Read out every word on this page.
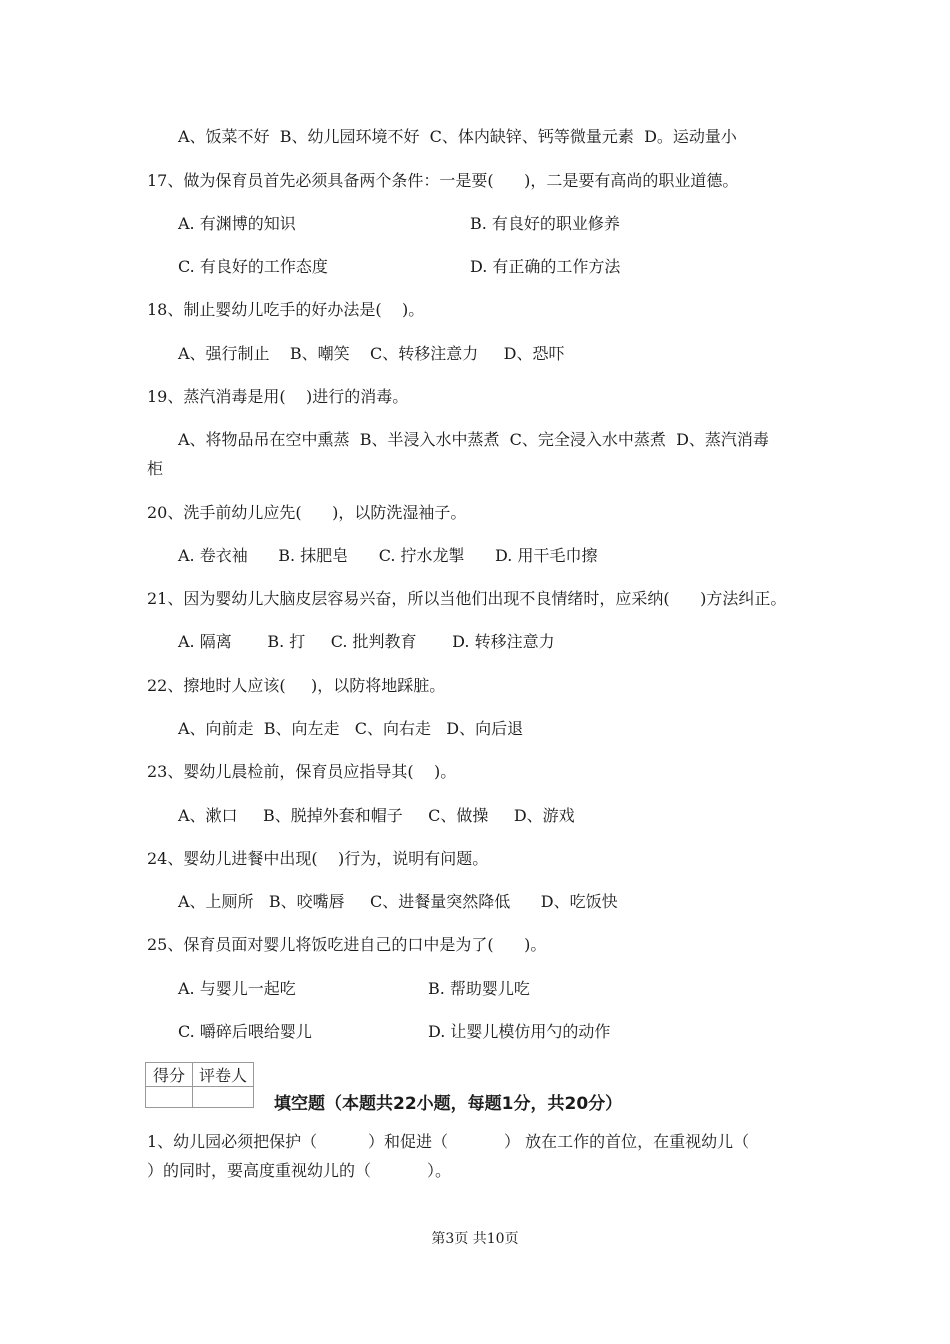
A、饭菜不好  B、幼儿园环境不好  C、体内缺锌、钙等微量元素  D。运动量小
17、做为保育员首先必须具备两个条件：一是要(      )，二是要有高尚的职业道德。
A. 有渊博的知识	B. 有良好的职业修养
C. 有良好的工作态度	D. 有正确的工作方法
18、制止婴幼儿吃手的好办法是(    )。
A、强行制止    B、嘲笑    C、转移注意力     D、恐吓
19、蒸汽消毒是用(    )进行的消毒。
A、将物品吊在空中熏蒸  B、半浸入水中蒸煮  C、完全浸入水中蒸煮  D、蒸汽消毒
柜
20、洗手前幼儿应先(      )，以防洗湿袖子。
A. 卷衣袖      B. 抹肥皂      C. 拧水龙掣      D. 用干毛巾擦
21、因为婴幼儿大脑皮层容易兴奋，所以当他们出现不良情绪时，应采纳(      )方法纠正。
A. 隔离       B. 打     C. 批判教育       D. 转移注意力
22、擦地时人应该(     )，以防将地踩脏。
A、向前走  B、向左走   C、向右走   D、向后退
23、婴幼儿晨检前，保育员应指导其(    )。
A、漱口     B、脱掉外套和帽子     C、做操     D、游戏
24、婴幼儿进餐中出现(    )行为，说明有问题。
A、上厕所   B、咬嘴唇     C、进餐量突然降低      D、吃饭快
25、保育员面对婴儿将饭吃进自己的口中是为了(      )。
A. 与婴儿一起吃	B. 帮助婴儿吃
C. 嚼碎后喂给婴儿	D. 让婴儿模仿用勺的动作
得分	评卷人

填空题（本题共22小题，每题1分，共20分）
1、幼儿园必须把保护（          ）和促进（           ） 放在工作的首位，在重视幼儿（
）的同时，要高度重视幼儿的（           ）。
第3页 共10页
